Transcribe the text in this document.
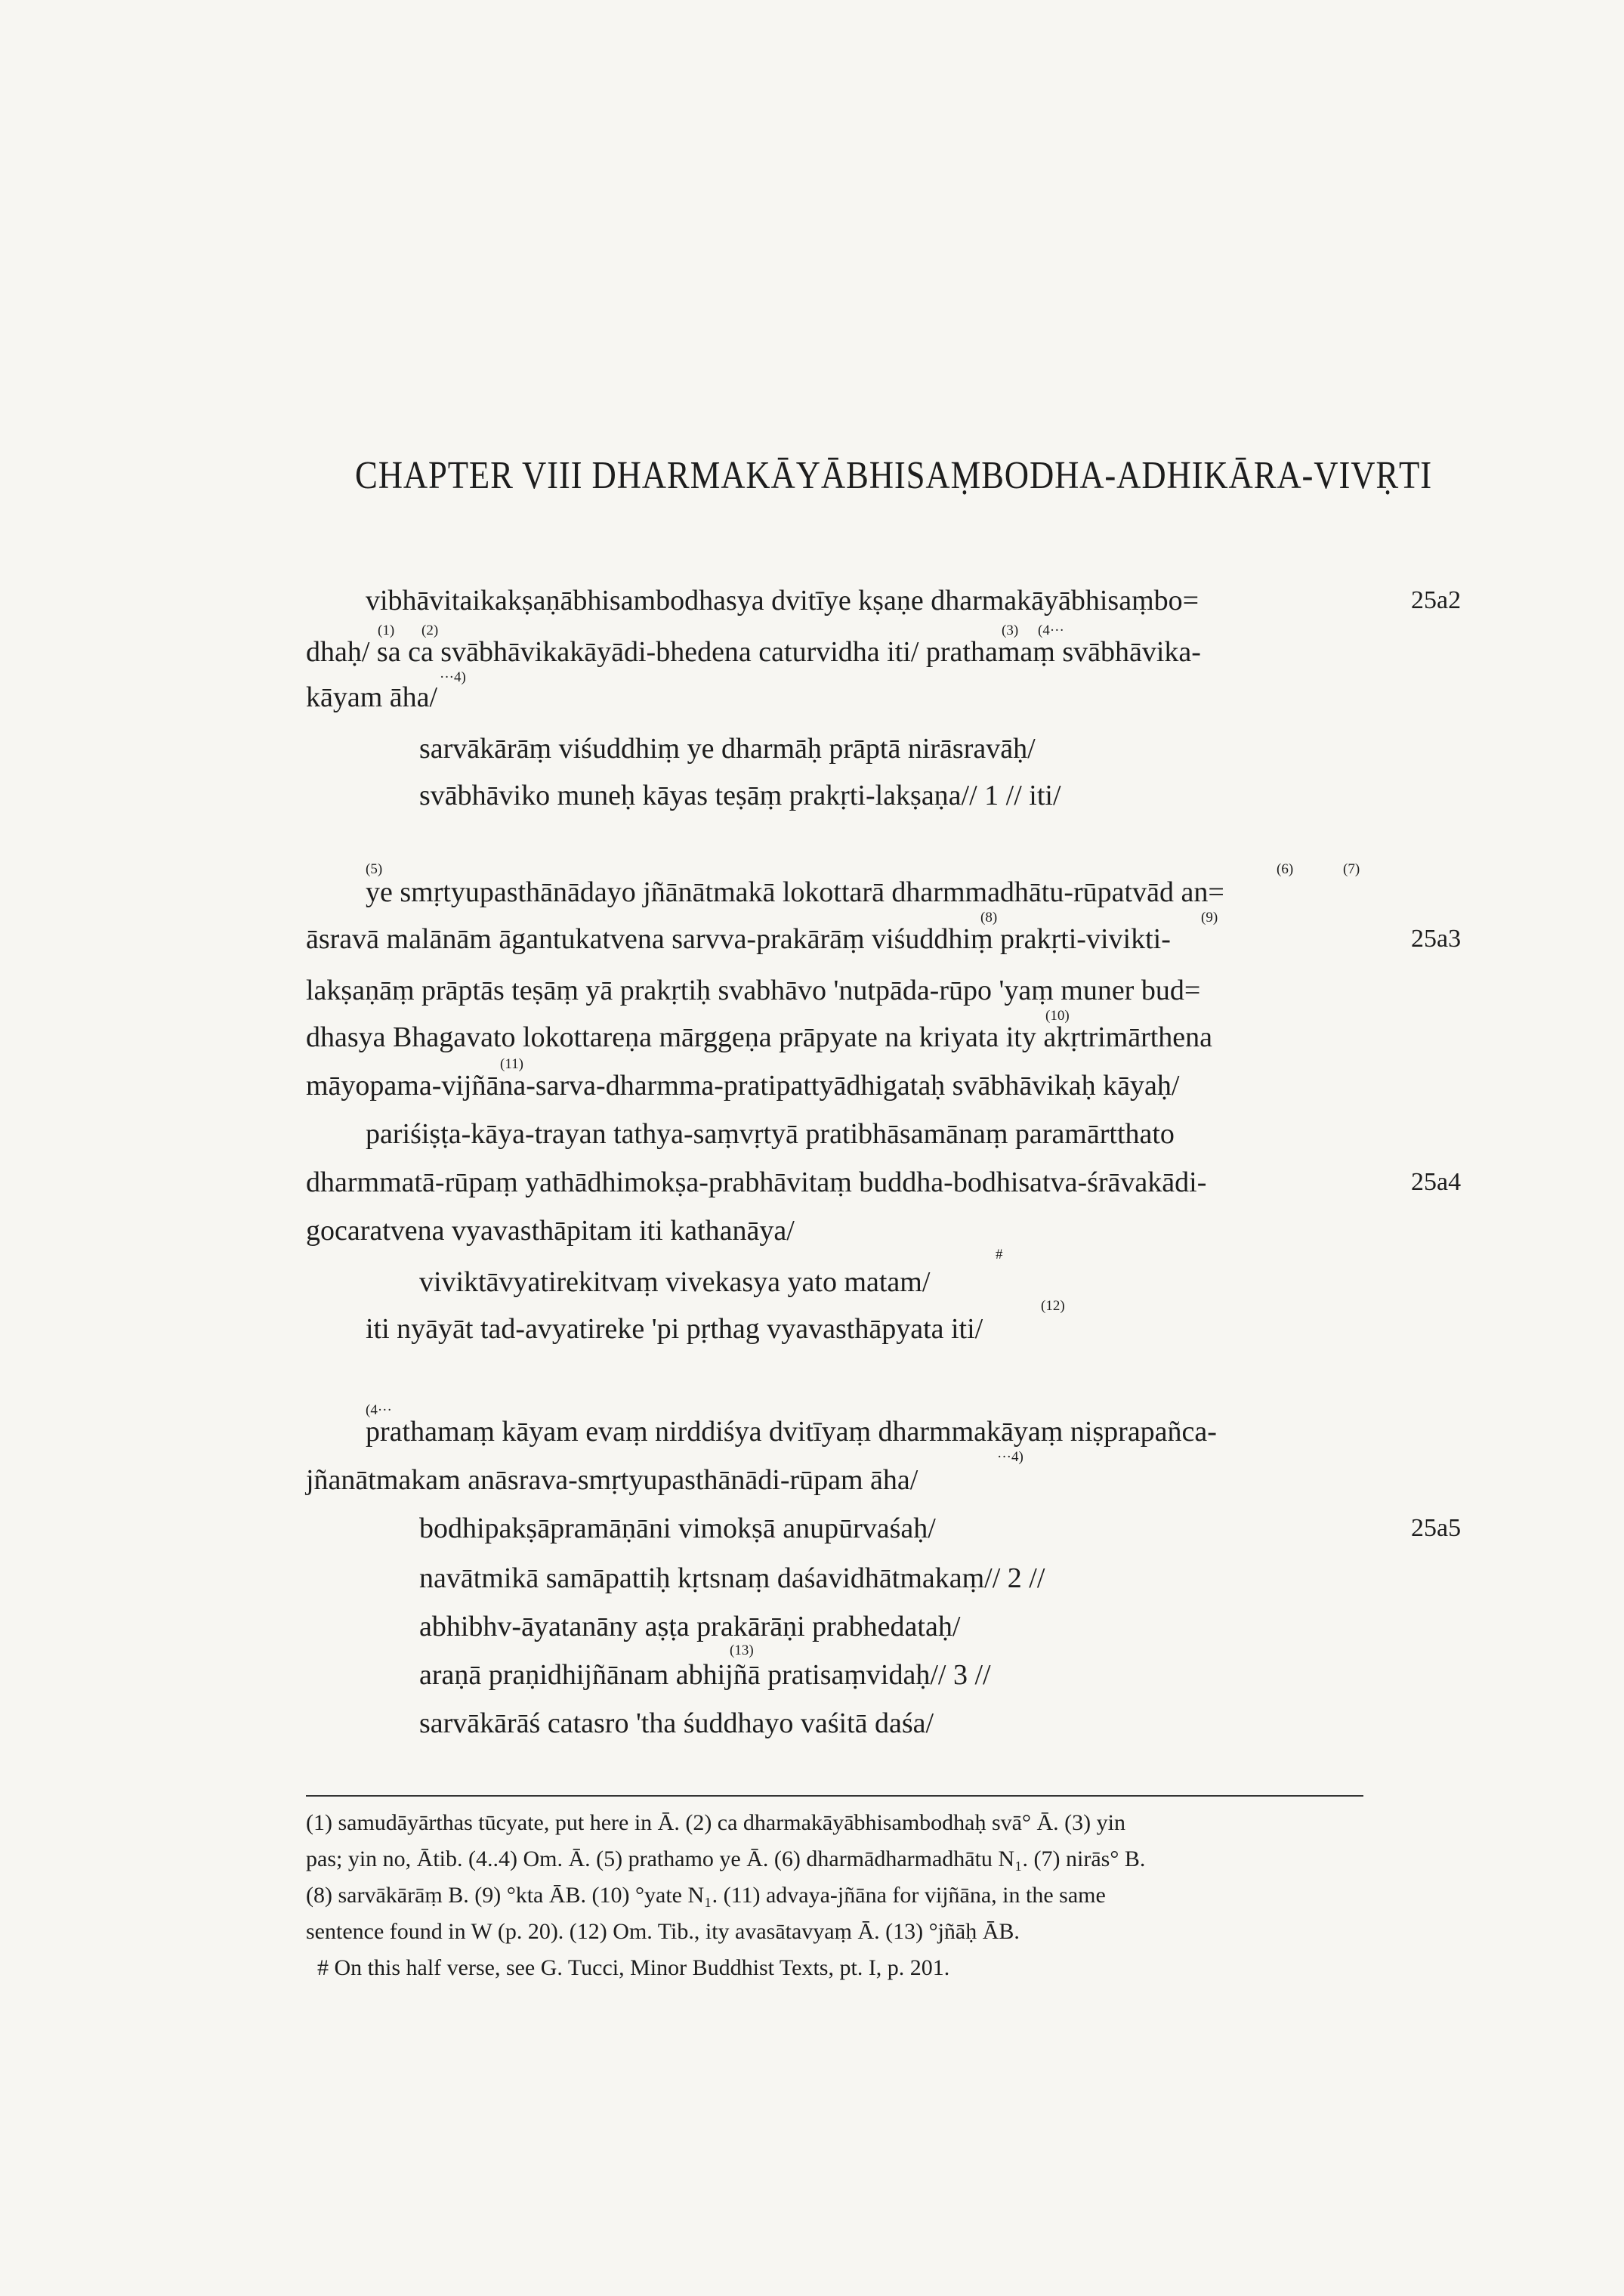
CHAPTER VIII DHARMAKĀYĀBHISAṂBODHA-ADHIKĀRA-VIVṚTI
vibhāvitaikakṣaṇābhisambodhasya dvitīye kṣaṇe dharmakāyābhisaṃbo=
(1) (2)	(3) (4···
dhaḥ/ sa ca svābhāvikakāyādi-bhedena caturvidha iti/ prathamaṃ svābhāvika-
···4)
kāyam āha/
sarvākārāṃ viśuddhiṃ ye dharmāḥ prāptā nirāsravāḥ/
svābhāviko muneḥ kāyas teṣāṃ prakṛti-lakṣaṇa// 1 // iti/
(5)	(6)	(7)
ye smṛtyupasthānādayo jñānātmakā lokottarā dharmmadhātu-rūpatvād an=
(8)	(9)
āsravā malānām āgantukatvena sarvva-prakārāṃ viśuddhiṃ prakṛti-vivikti-
lakṣaṇāṃ prāptās teṣāṃ yā prakṛtiḥ svabhāvo 'nutpāda-rūpo 'yaṃ muner bud=
(10)
dhasya Bhagavato lokottareṇa mārggeṇa prāpyate na kriyata ity akṛtrimārthena
(11)
māyopama-vijñāna-sarva-dharmma-pratipattyādhigataḥ svābhāvikaḥ kāyaḥ/
pariśiṣṭa-kāya-trayan tathya-saṃvṛtyā pratibhāsamānaṃ paramārtthato
dharmmatā-rūpaṃ yathādhimokṣa-prabhāvitaṃ buddha-bodhisatva-śrāvakādi-
gocaratvena vyavasthāpitam iti kathanāya/
#
viviktāvyatirekitvaṃ vivekasya yato matam/
(12)
iti nyāyāt tad-avyatireke 'pi pṛthag vyavasthāpyata iti/
(4···
prathamaṃ kāyam evaṃ nirddiśya dvitīyaṃ dharmmakāyaṃ niṣprapañca-
···4)
jñanātmakam anāsrava-smṛtyupasthānādi-rūpam āha/
bodhipakṣāpramāṇāni vimokṣā anupūrvaśaḥ/
navātmikā samāpattiḥ kṛtsnaṃ daśavidhātmakaṃ// 2 //
abhibhv-āyatanāny aṣṭa prakārāṇi prabhedataḥ/
(13)
araṇā praṇidhijñānam abhijñā pratisaṃvidaḥ// 3 //
sarvākārāś catasro 'tha śuddhayo vaśitā daśa/
25a2
25a3
25a4
25a5
(1) samudāyārthas tūcyate, put here in Ā. (2) ca dharmakāyābhisambodhaḥ svā° Ā. (3) yin
pas; yin no, Ātib. (4..4) Om. Ā. (5) prathamo ye Ā. (6) dharmādharmadhātu N₁. (7) nirās° B.
(8) sarvākārāṃ B. (9) °kta ĀB. (10) °yate N₁. (11) advaya-jñāna for vijñāna, in the same
sentence found in W (p. 20). (12) Om. Tib., ity avasātavyaṃ Ā. (13) °jñāḥ ĀB.
# On this half verse, see G. Tucci, Minor Buddhist Texts, pt. I, p. 201.
